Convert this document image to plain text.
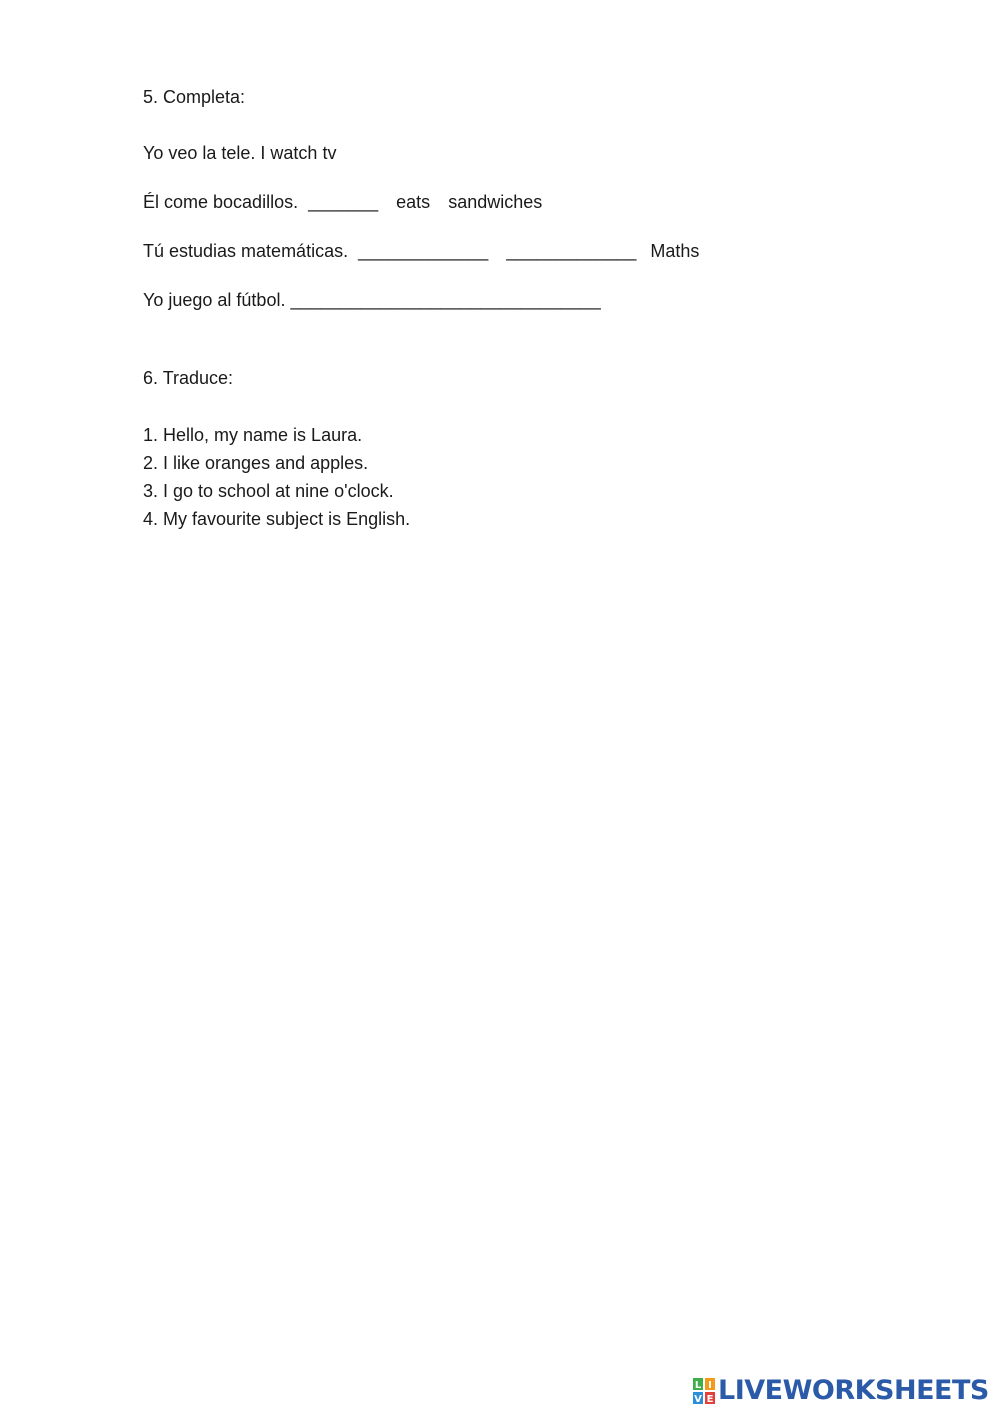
5. Completa:
Yo veo la tele. I watch tv
Él come bocadillos. _______ eats sandwiches
Tú estudias matemáticas. _____________ _____________ Maths
Yo juego al fútbol. _______________________________
6. Traduce:
1. Hello, my name is Laura.
2. I like oranges and apples.
3. I go to school at nine o'clock.
4. My favourite subject is English.
L I
V E LIVEWORKSHEETS
